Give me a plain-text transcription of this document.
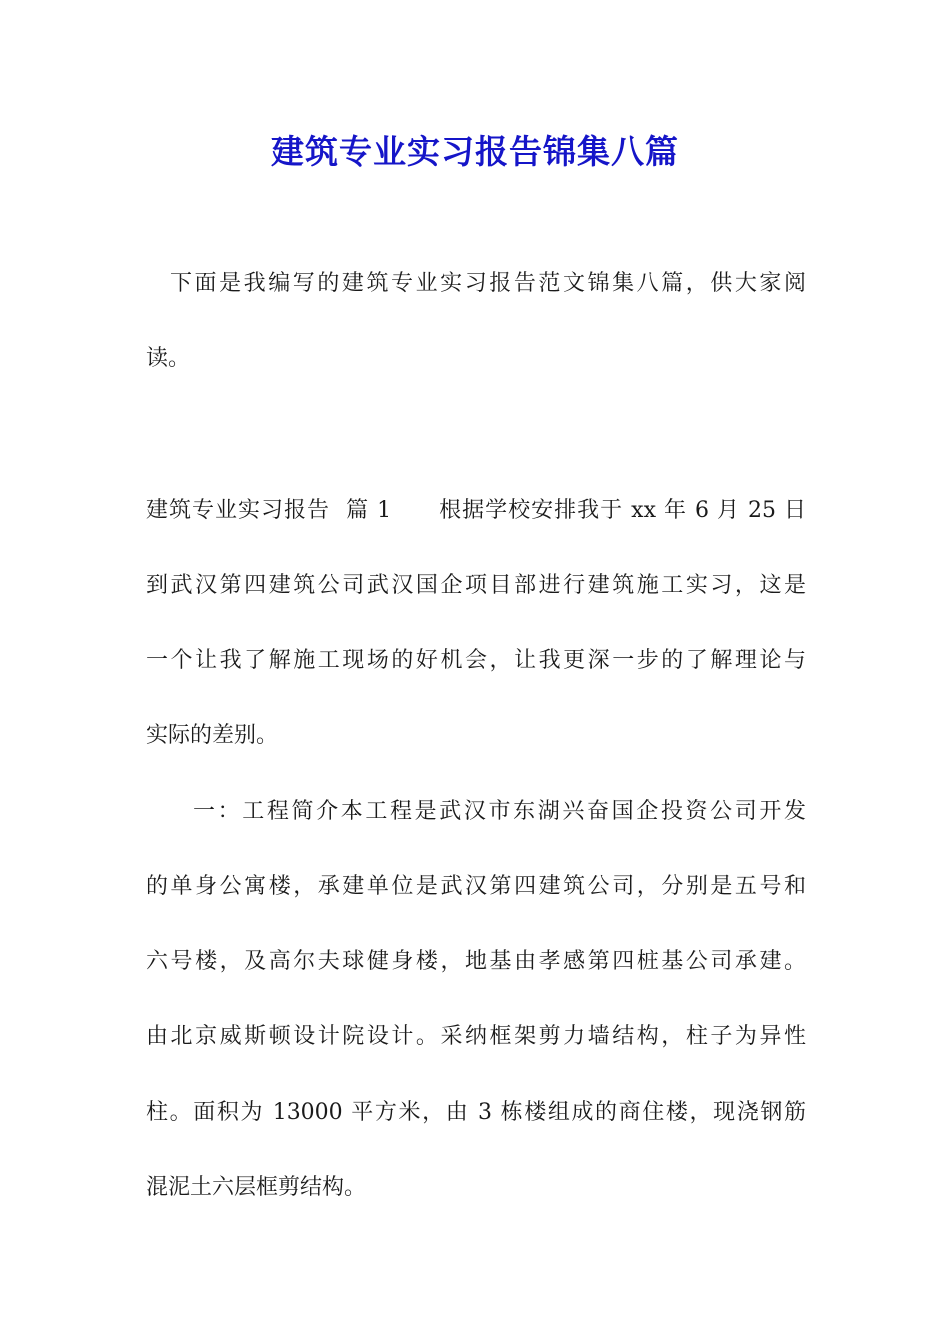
建筑专业实习报告锦集八篇
下面是我编写的建筑专业实习报告范文锦集八篇，供大家阅
读。
建筑专业实习报告  篇 1      根据学校安排我于 xx 年 6 月 25 日
到武汉第四建筑公司武汉国企项目部进行建筑施工实习，这是
一个让我了解施工现场的好机会，让我更深一步的了解理论与
实际的差别。
一：工程简介本工程是武汉市东湖兴奋国企投资公司开发
的单身公寓楼，承建单位是武汉第四建筑公司，分别是五号和
六号楼，及高尔夫球健身楼，地基由孝感第四桩基公司承建。
由北京威斯顿设计院设计。采纳框架剪力墙结构，柱子为异性
柱。面积为 13000 平方米，由 3 栋楼组成的商住楼，现浇钢筋
混泥土六层框剪结构。
